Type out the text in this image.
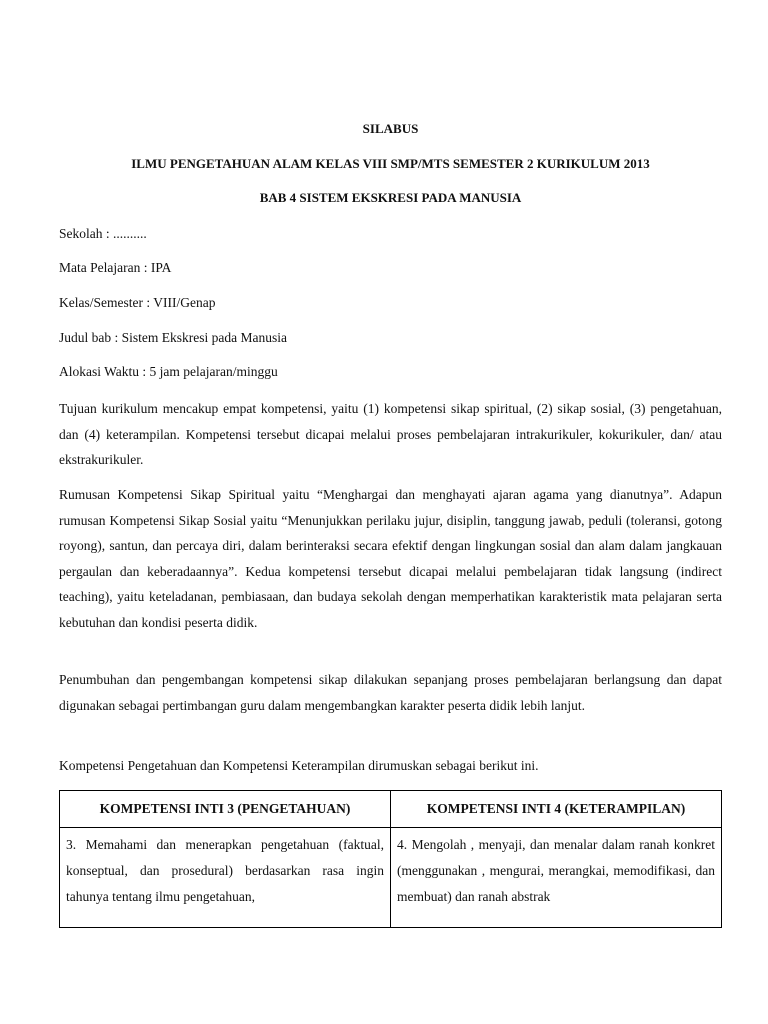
SILABUS
ILMU PENGETAHUAN ALAM KELAS VIII SMP/MTS SEMESTER 2 KURIKULUM 2013
BAB 4 SISTEM EKSKRESI PADA MANUSIA
Sekolah : ..........
Mata Pelajaran : IPA
Kelas/Semester : VIII/Genap
Judul bab : Sistem Ekskresi pada Manusia
Alokasi Waktu : 5 jam pelajaran/minggu
Tujuan kurikulum mencakup empat kompetensi, yaitu (1) kompetensi sikap spiritual, (2) sikap sosial, (3) pengetahuan, dan (4) keterampilan. Kompetensi tersebut dicapai melalui proses pembelajaran intrakurikuler, kokurikuler, dan/ atau ekstrakurikuler.
Rumusan Kompetensi Sikap Spiritual yaitu “Menghargai dan menghayati ajaran agama yang dianutnya”. Adapun rumusan Kompetensi Sikap Sosial yaitu “Menunjukkan perilaku jujur, disiplin, tanggung jawab, peduli (toleransi, gotong royong), santun, dan percaya diri, dalam berinteraksi secara efektif dengan lingkungan sosial dan alam dalam jangkauan pergaulan dan keberadaannya”. Kedua kompetensi tersebut dicapai melalui pembelajaran tidak langsung (indirect teaching), yaitu keteladanan, pembiasaan, dan budaya sekolah dengan memperhatikan karakteristik mata pelajaran serta kebutuhan dan kondisi peserta didik.
Penumbuhan dan pengembangan kompetensi sikap dilakukan sepanjang proses pembelajaran berlangsung dan dapat digunakan sebagai pertimbangan guru dalam mengembangkan karakter peserta didik lebih lanjut.
Kompetensi Pengetahuan dan Kompetensi Keterampilan dirumuskan sebagai berikut ini.
KOMPETENSI INTI 3 (PENGETAHUAN)	KOMPETENSI INTI 4 (KETERAMPILAN)

3. Memahami dan menerapkan pengetahuan (faktual, konseptual, dan prosedural) berdasarkan rasa ingin tahunya tentang ilmu pengetahuan,	4. Mengolah , menyaji, dan menalar dalam ranah konkret (menggunakan , mengurai, merangkai, memodifikasi, dan membuat) dan ranah abstrak
